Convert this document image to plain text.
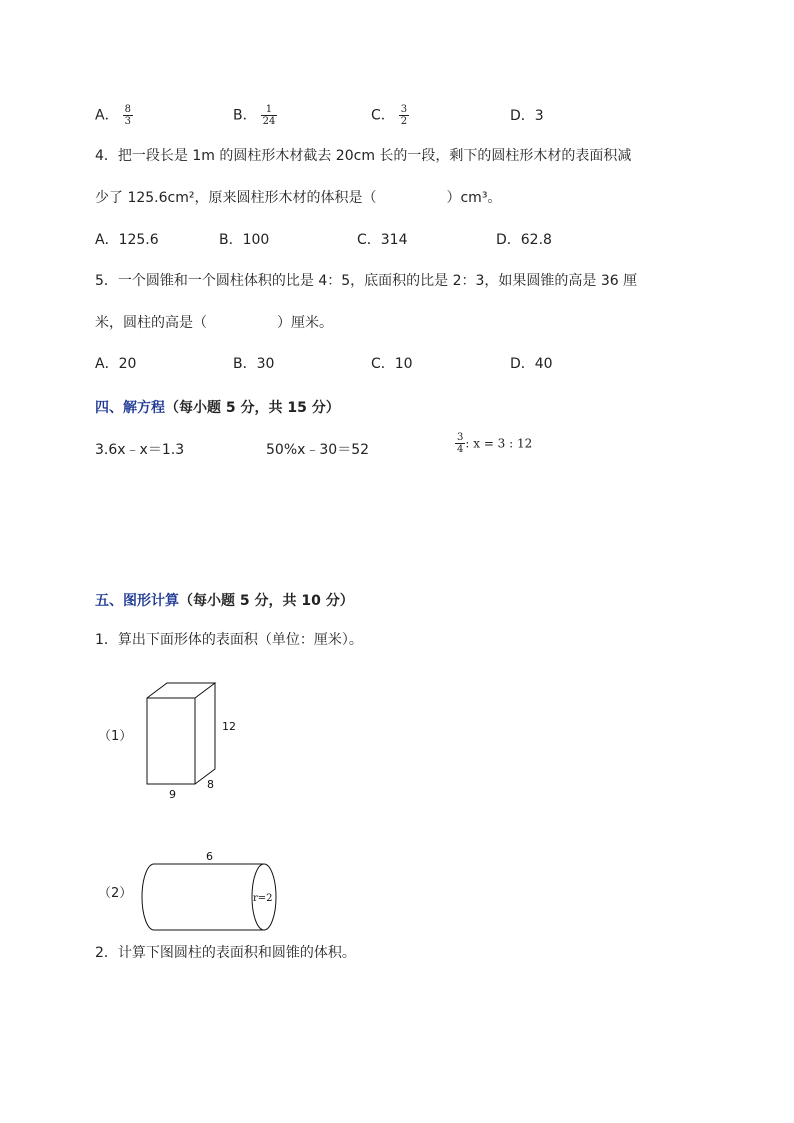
A． $\frac{8}{3}$	B． $\frac{1}{24}$	C． $\frac{3}{2}$	D．3
4．把一段长是 1m 的圆柱形木材截去 20cm 长的一段，剩下的圆柱形木材的表面积减
少了 125.6cm²，原来圆柱形木材的体积是（	）cm³。
A．125.6	B．100	C．314	D．62.8
5．一个圆锥和一个圆柱体积的比是 4：5，底面积的比是 2：3，如果圆锥的高是 36 厘
米，圆柱的高是（	）厘米。
A．20	B．30	C．10	D．40
四、解方程（每小题 5 分，共 15 分）
3.6x﹣x＝1.3	50%x﹣30＝52	$\frac{3}{4}$ : x = 3 : 12
五、图形计算（每小题 5 分，共 10 分）
1．算出下面形体的表面积（单位：厘米）。
（1）
12
9
8
（2）
6
r=2
2．计算下图圆柱的表面积和圆锥的体积。
